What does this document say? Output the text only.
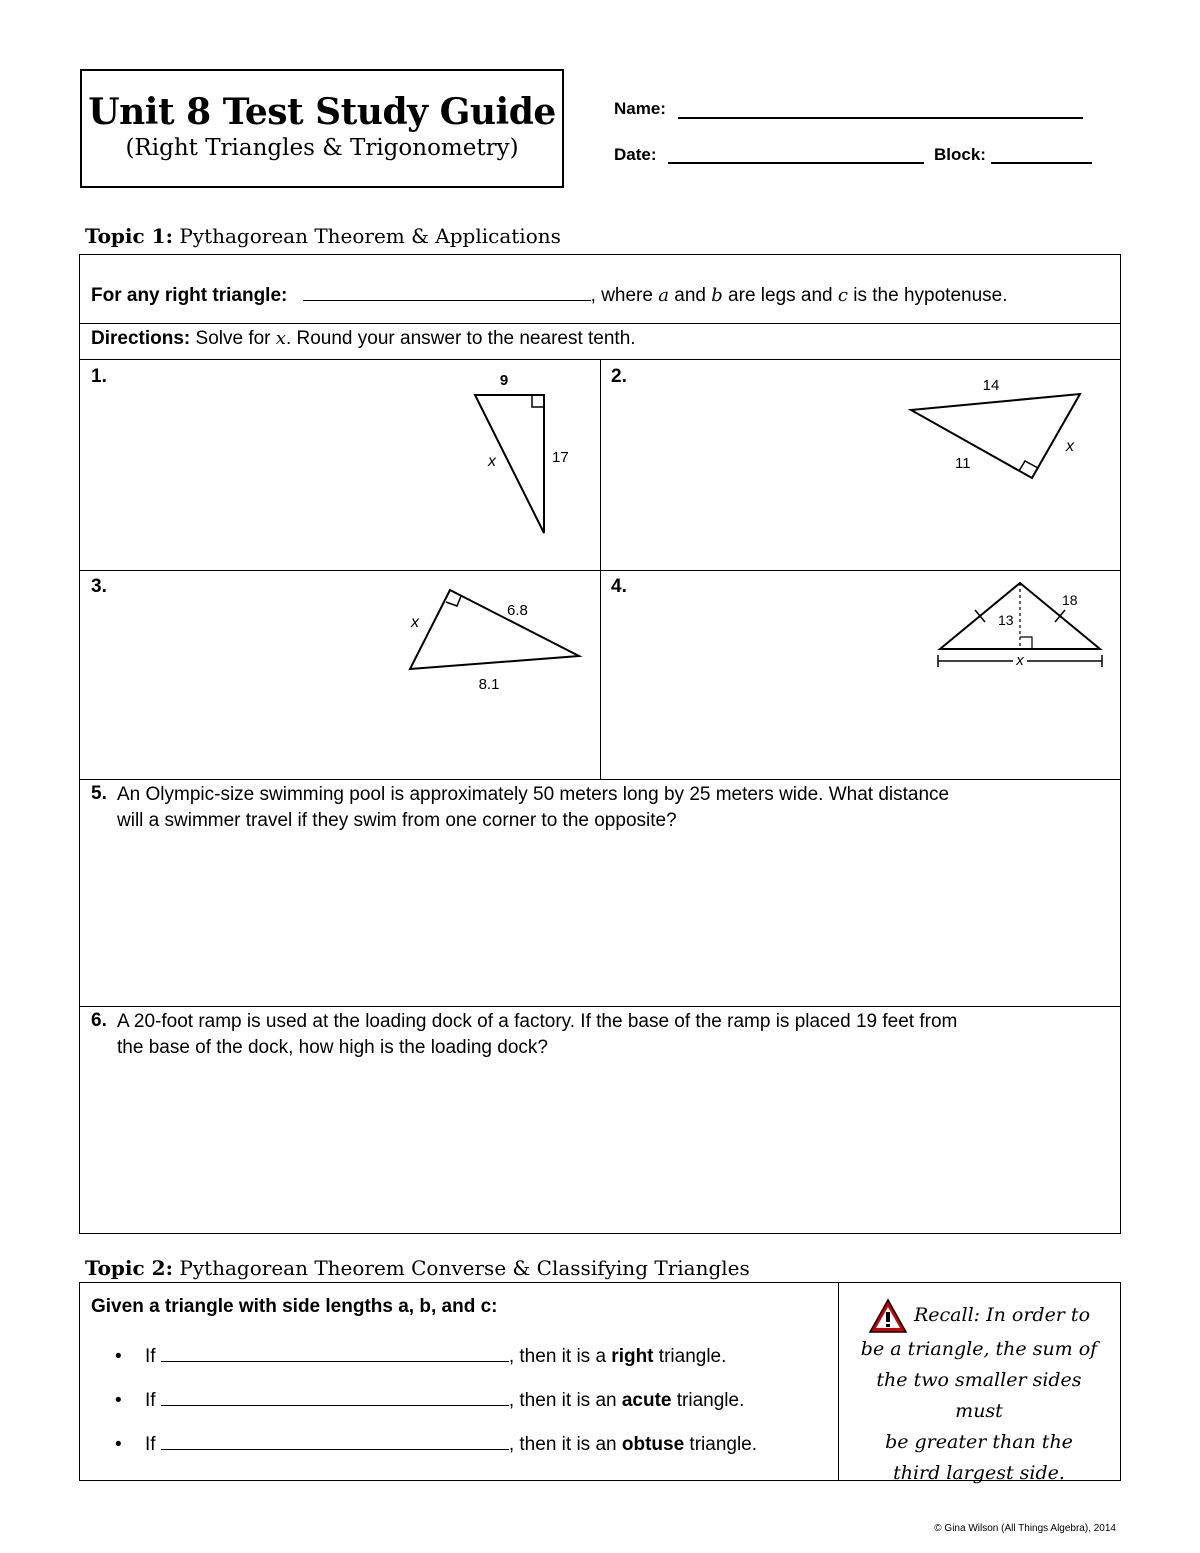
Unit 8 Test Study Guide
(Right Triangles & Trigonometry)
Name:
Date:	Block:
Topic 1: Pythagorean Theorem & Applications
For any right triangle:	, where a and b are legs and c is the hypotenuse.
Directions: Solve for x. Round your answer to the nearest tenth.
1.	2.
3.	4.
9
17
x
14
11
x
x
6.8
8.1
x
13
18
5. An Olympic-size swimming pool is approximately 50 meters long by 25 meters wide. What distance
will a swimmer travel if they swim from one corner to the opposite?
6. A 20-foot ramp is used at the loading dock of a factory. If the base of the ramp is placed 19 feet from
the base of the dock, how high is the loading dock?
Topic 2: Pythagorean Theorem Converse & Classifying Triangles
Given a triangle with side lengths a, b, and c:
• If	, then it is a right triangle.
• If	, then it is an acute triangle.
• If	, then it is an obtuse triangle.
Recall: In order to
be a triangle, the sum of
the two smaller sides must
be greater than the
third largest side.
© Gina Wilson (All Things Algebra), 2014
